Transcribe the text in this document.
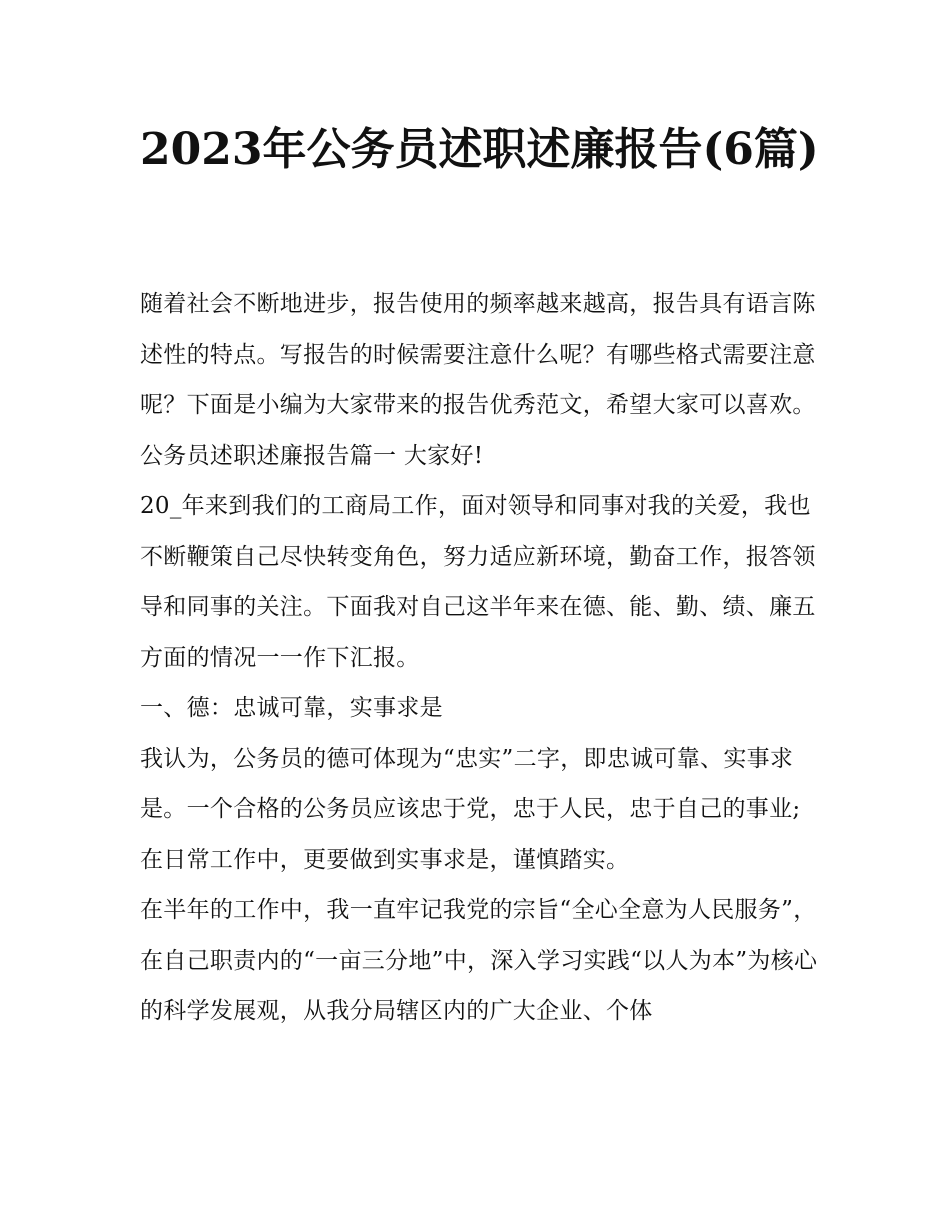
2023年公务员述职述廉报告(6篇)

随着社会不断地进步，报告使用的频率越来越高，报告具有语言陈述性的特点。写报告的时候需要注意什么呢？有哪些格式需要注意呢？下面是小编为大家带来的报告优秀范文，希望大家可以喜欢。

公务员述职述廉报告篇一 大家好!

20_年来到我们的工商局工作，面对领导和同事对我的关爱，我也不断鞭策自己尽快转变角色，努力适应新环境，勤奋工作，报答领导和同事的关注。下面我对自己这半年来在德、能、勤、绩、廉五方面的情况一一作下汇报。

一、德：忠诚可靠，实事求是

我认为，公务员的德可体现为“忠实”二字，即忠诚可靠、实事求是。一个合格的公务员应该忠于党，忠于人民，忠于自己的事业;在日常工作中，更要做到实事求是，谨慎踏实。

在半年的工作中，我一直牢记我党的宗旨“全心全意为人民服务”，在自己职责内的“一亩三分地”中，深入学习实践“以人为本”为核心的科学发展观，从我分局辖区内的广大企业、个体
